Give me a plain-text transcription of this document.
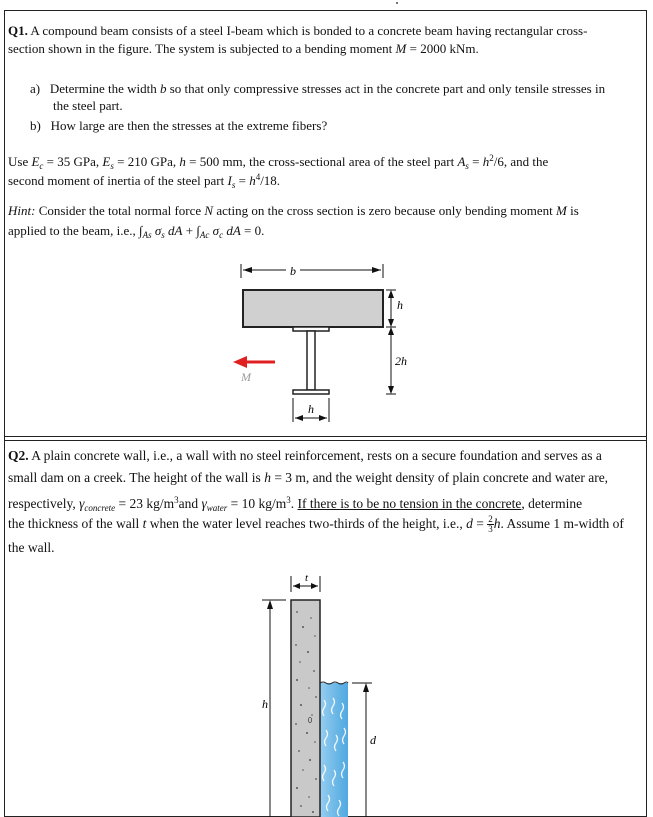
Q1. A compound beam consists of a steel I-beam which is bonded to a concrete beam having rectangular cross-
section shown in the figure. The system is subjected to a bending moment M = 2000 kNm.
a)   Determine the width b so that only compressive stresses act in the concrete part and only tensile stresses in
the steel part.
b) How large are then the stresses at the extreme fibers?
Use $E_c = 35$ GPa, $E_s = 210$ GPa, h = 500 mm, the cross-sectional area of the steel part $A_s = h^2/6$, and the
second moment of inertia of the steel part $I_s = h^4/18$.
Hint: Consider the total normal force N acting on the cross section is zero because only bending moment M is
applied to the beam, i.e., $\int_{As}$ $\sigma_s$ dA + $\int_{Ac}$ $\sigma_c$ dA = 0.
b
M
h
2h
h
Q2. A plain concrete wall, i.e., a wall with no steel reinforcement, rests on a secure foundation and serves as a
small dam on a creek. The height of the wall is h = 3 m, and the weight density of plain concrete and water are,
respectively, $\gamma_{concrete} = 23$ $kg/m^3and$ $\gamma_{water} = 10$ $kg/m^3$. If there is to be no tension in the concrete, determine
the thickness of the wall t when the water level reaches two-thirds of the height, i.e., $d = \frac{2}{3} h$. Assume 1 m-width of
the wall.
t
h
d
